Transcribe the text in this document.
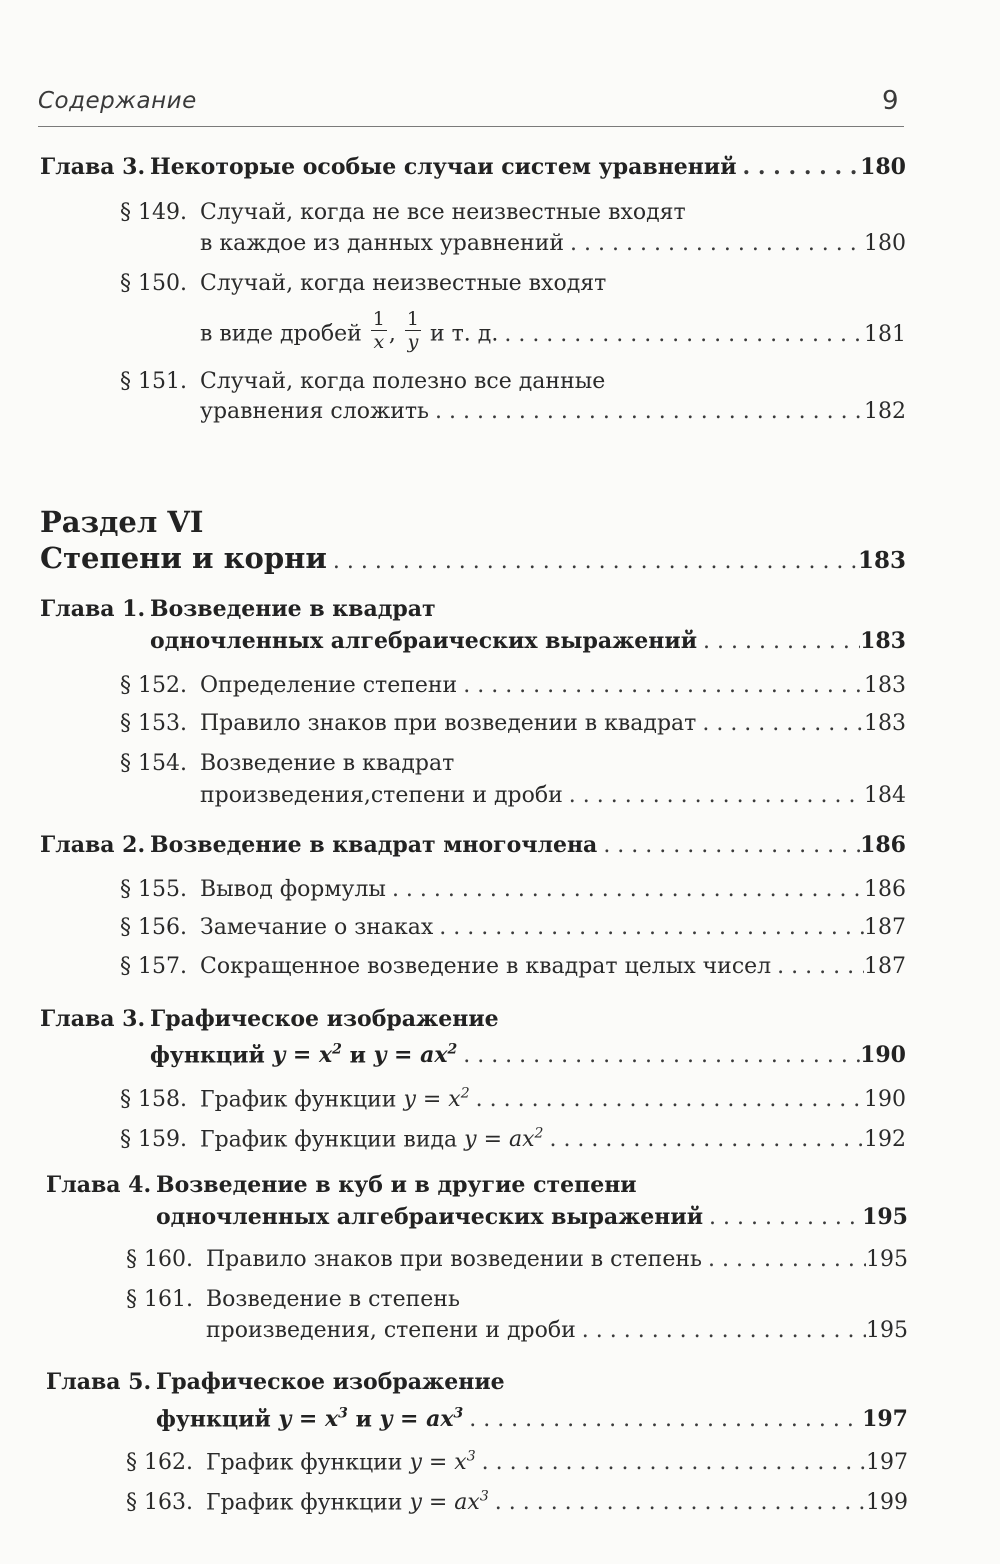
Содержание	9
Глава 3. Некоторые особые случаи систем уравнений . . .	180
§ 149. Случай, когда не все неизвестные входят
в каждое из данных уравнений . . .	180
§ 150. Случай, когда неизвестные входят
в виде дробей $\frac{1}{x}$ , $\frac{1}{y}$ и т. д. . . .	181
§ 151. Случай, когда полезно все данные
уравнения сложить . . .	182
Раздел VI
Степени и корни . . .	183
Глава 1. Возведение в квадрат
одночленных алгебраических выражений . . .	183
§ 152. Определение степени . . .	183
§ 153. Правило знаков при возведении в квадрат . . .	183
§ 154. Возведение в квадрат
произведения,степени и дроби . . .	184
Глава 2. Возведение в квадрат многочлена . . .	186
§ 155. Вывод формулы . . .	186
§ 156. Замечание о знаках . . .	187
§ 157. Сокращенное возведение в квадрат целых чисел . . .	187
Глава 3. Графическое изображение
функций $y = x^2$ и $y = ax^2$ . . .	190
§ 158. График функции $y = x^2$ . . .	190
§ 159. График функции вида $y = ax^2$ . . .	192
Глава 4. Возведение в куб и в другие степени
одночленных алгебраических выражений . . .	195
§ 160. Правило знаков при возведении в степень . . .	195
§ 161. Возведение в степень
произведения, степени и дроби . . .	195
Глава 5. Графическое изображение
функций $y = x^3$ и $y = ax^3$ . . .	197
§ 162. График функции $y = x^3$ . . .	197
§ 163. График функции $y = ax^3$ . . .	199
